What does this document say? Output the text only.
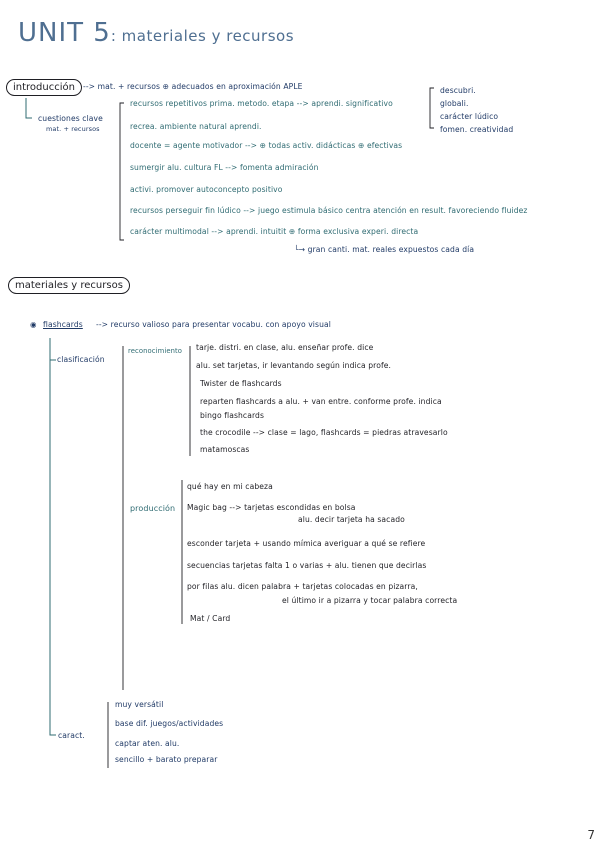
UNIT 5: materiales y recursos
introducción	--> mat. + recursos ⊕ adecuados en aproximación APLE
cuestiones clave
mat. + recursos
recursos repetitivos prima. metodo. etapa --> aprendi. significativo
recrea. ambiente natural aprendi.
docente = agente motivador --> ⊕ todas activ. didácticas ⊕ efectivas
sumergir alu. cultura FL --> fomenta admiración
activi. promover autoconcepto positivo
recursos perseguir fin lúdico --> juego estimula básico centra atención en result. favoreciendo fluidez
carácter multimodal --> aprendi. intuitit ⊕ forma exclusiva experi. directa
└→ gran canti. mat. reales expuestos cada día
descubri.
globali.
carácter lúdico
fomen. creatividad
materiales y recursos
◉ flashcards --> recurso valioso para presentar vocabu. con apoyo visual
clasificación
reconocimiento tarje. distri. en clase, alu. enseñar profe. dice
alu. set tarjetas, ir levantando según indica profe.
Twister de flashcards
reparten flashcards a alu. + van entre. conforme profe. indica
bingo flashcards
the crocodile --> clase = lago, flashcards = piedras atravesarlo
matamoscas
producción
qué hay en mi cabeza
Magic bag --> tarjetas escondidas en bolsa
alu. decir tarjeta ha sacado
esconder tarjeta + usando mímica averiguar a qué se refiere
secuencias tarjetas falta 1 o varias + alu. tienen que decirlas
por filas alu. dicen palabra + tarjetas colocadas en pizarra,
el último ir a pizarra y tocar palabra correcta
Mat / Card
caract.
muy versátil
base dif. juegos/actividades
captar aten. alu.
sencillo + barato preparar
7
